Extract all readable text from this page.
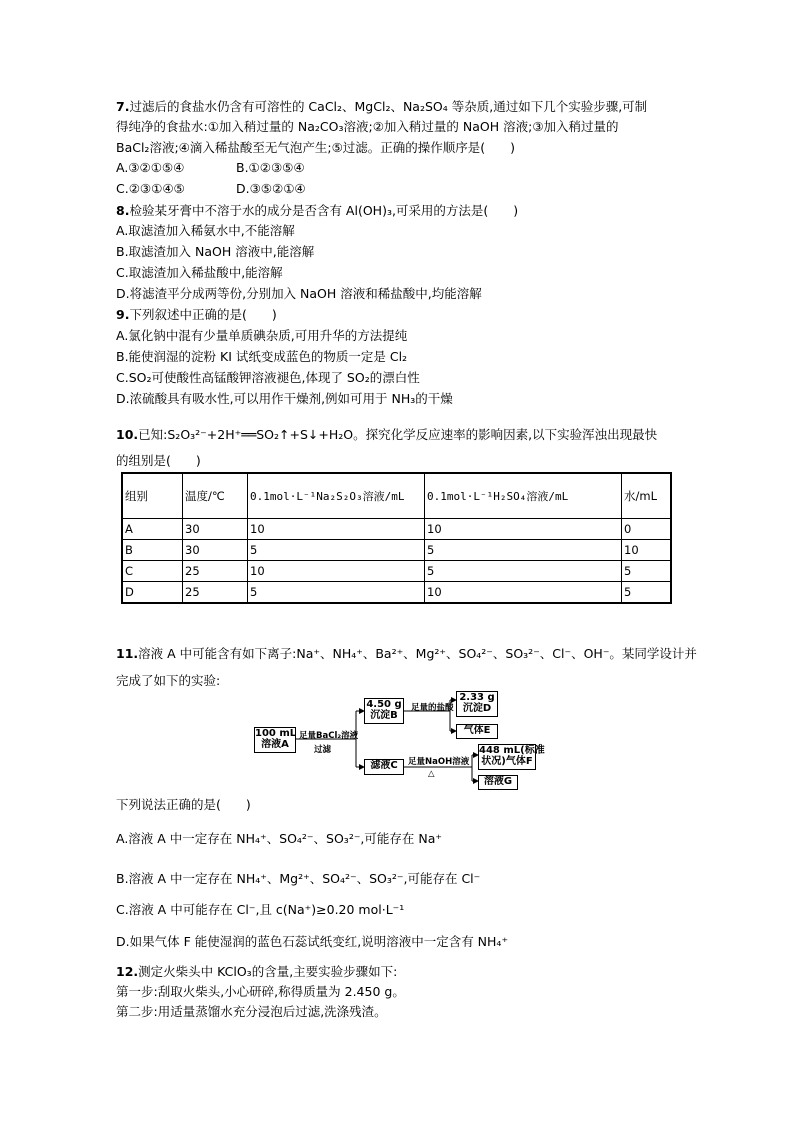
7.过滤后的食盐水仍含有可溶性的 CaCl₂、MgCl₂、Na₂SO₄ 等杂质,通过如下几个实验步骤,可制
得纯净的食盐水:①加入稍过量的 Na₂CO₃溶液;②加入稍过量的 NaOH 溶液;③加入稍过量的
BaCl₂溶液;④滴入稀盐酸至无气泡产生;⑤过滤。正确的操作顺序是(　　)
A.③②①⑤④	B.①②③⑤④
C.②③①④⑤	D.③⑤②①④
8.检验某牙膏中不溶于水的成分是否含有 Al(OH)₃,可采用的方法是(　　)
A.取滤渣加入稀氨水中,不能溶解
B.取滤渣加入 NaOH 溶液中,能溶解
C.取滤渣加入稀盐酸中,能溶解
D.将滤渣平分成两等份,分别加入 NaOH 溶液和稀盐酸中,均能溶解
9.下列叙述中正确的是(　　)
A.氯化钠中混有少量单质碘杂质,可用升华的方法提纯
B.能使润湿的淀粉 KI 试纸变成蓝色的物质一定是 Cl₂
C.SO₂可使酸性高锰酸钾溶液褪色,体现了 SO₂的漂白性
D.浓硫酸具有吸水性,可以用作干燥剂,例如可用于 NH₃的干燥
10.已知:S₂O₃²⁻+2H⁺══SO₂↑+S↓+H₂O。探究化学反应速率的影响因素,以下实验浑浊出现最快
的组别是(　　)
组别	温度/℃	0.1mol·L⁻¹Na₂S₂O₃溶液/mL	0.1mol·L⁻¹H₂SO₄溶液/mL	水/mL
A	30	10	10	0
B	30	5	5	10
C	25	10	5	5
D	25	5	10	5
11.溶液 A 中可能含有如下离子:Na⁺、NH₄⁺、Ba²⁺、Mg²⁺、SO₄²⁻、SO₃²⁻、Cl⁻、OH⁻。某同学设计并
完成了如下的实验:
100 mL
溶液A
足量BaCl₂溶液
过滤
4.50 g
沉淀B
足量的盐酸
2.33 g
沉淀D
气体E
滤液C	足量NaOH溶液
△
448 mL(标准
状况)气体F
溶液G
下列说法正确的是(　　)
A.溶液 A 中一定存在 NH₄⁺、SO₄²⁻、SO₃²⁻,可能存在 Na⁺
B.溶液 A 中一定存在 NH₄⁺、Mg²⁺、SO₄²⁻、SO₃²⁻,可能存在 Cl⁻
C.溶液 A 中可能存在 Cl⁻,且 c(Na⁺)≥0.20 mol·L⁻¹
D.如果气体 F 能使湿润的蓝色石蕊试纸变红,说明溶液中一定含有 NH₄⁺
12.测定火柴头中 KClO₃的含量,主要实验步骤如下:
第一步:刮取火柴头,小心研碎,称得质量为 2.450 g。
第二步:用适量蒸馏水充分浸泡后过滤,洗涤残渣。
